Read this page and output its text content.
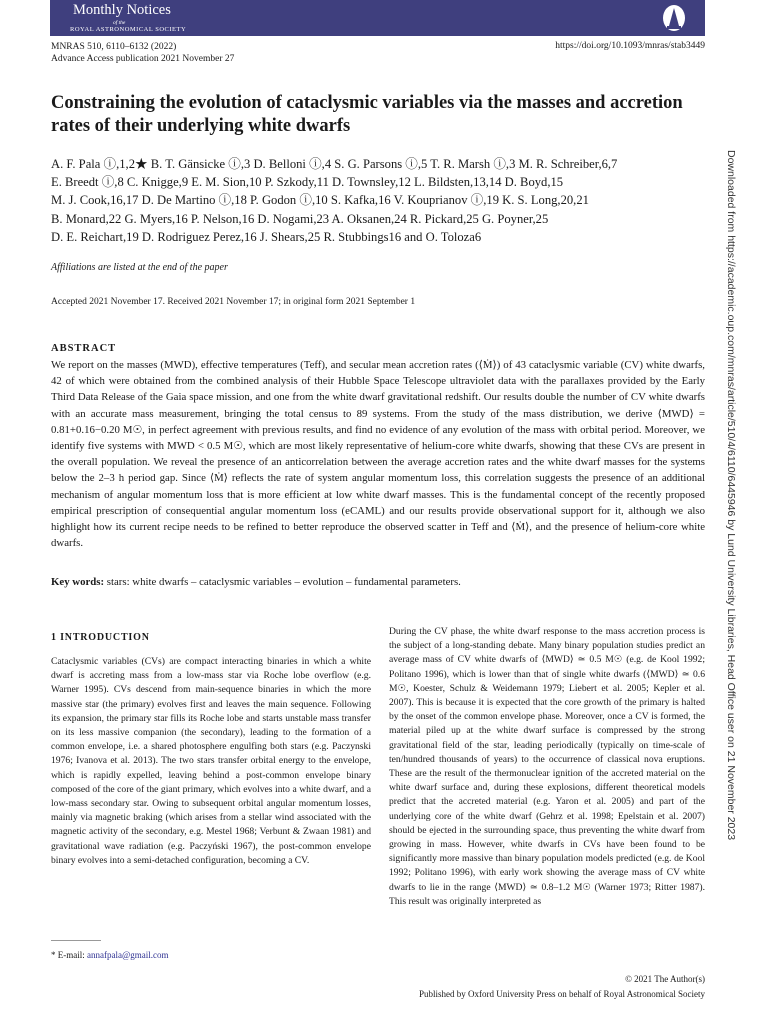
Monthly Notices
of the
ROYAL ASTRONOMICAL SOCIETY
MNRAS 510, 6110–6132 (2022)
Advance Access publication 2021 November 27
https://doi.org/10.1093/mnras/stab3449
Constraining the evolution of cataclysmic variables via the masses and accretion rates of their underlying white dwarfs
A. F. Pala ⓘ,1,2★ B. T. Gänsicke ⓘ,3 D. Belloni ⓘ,4 S. G. Parsons ⓘ,5 T. R. Marsh ⓘ,3 M. R. Schreiber,6,7
E. Breedt ⓘ,8 C. Knigge,9 E. M. Sion,10 P. Szkody,11 D. Townsley,12 L. Bildsten,13,14 D. Boyd,15
M. J. Cook,16,17 D. De Martino ⓘ,18 P. Godon ⓘ,10 S. Kafka,16 V. Kouprianov ⓘ,19 K. S. Long,20,21
B. Monard,22 G. Myers,16 P. Nelson,16 D. Nogami,23 A. Oksanen,24 R. Pickard,25 G. Poyner,25
D. E. Reichart,19 D. Rodriguez Perez,16 J. Shears,25 R. Stubbings16 and O. Toloza6
Affiliations are listed at the end of the paper
Accepted 2021 November 17. Received 2021 November 17; in original form 2021 September 1
ABSTRACT
We report on the masses (MWD), effective temperatures (Teff), and secular mean accretion rates (⟨Ṁ⟩) of 43 cataclysmic variable (CV) white dwarfs, 42 of which were obtained from the combined analysis of their Hubble Space Telescope ultraviolet data with the parallaxes provided by the Early Third Data Release of the Gaia space mission, and one from the white dwarf gravitational redshift. Our results double the number of CV white dwarfs with an accurate mass measurement, bringing the total census to 89 systems. From the study of the mass distribution, we derive ⟨MWD⟩ = 0.81+0.16−0.20 M☉, in perfect agreement with previous results, and find no evidence of any evolution of the mass with orbital period. Moreover, we identify five systems with MWD < 0.5 M☉, which are most likely representative of helium-core white dwarfs, showing that these CVs are present in the overall population. We reveal the presence of an anticorrelation between the average accretion rates and the white dwarf masses for the systems below the 2–3 h period gap. Since ⟨Ṁ⟩ reflects the rate of system angular momentum loss, this correlation suggests the presence of an additional mechanism of angular momentum loss that is more efficient at low white dwarf masses. This is the fundamental concept of the recently proposed empirical prescription of consequential angular momentum loss (eCAML) and our results provide observational support for it, although we also highlight how its current recipe needs to be refined to better reproduce the observed scatter in Teff and ⟨Ṁ⟩, and the presence of helium-core white dwarfs.
Key words: stars: white dwarfs – cataclysmic variables – evolution – fundamental parameters.
1 INTRODUCTION
Cataclysmic variables (CVs) are compact interacting binaries in which a white dwarf is accreting mass from a low-mass star via Roche lobe overflow (e.g. Warner 1995). CVs descend from main-sequence binaries in which the more massive star (the primary) evolves first and leaves the main sequence. Following its expansion, the primary star fills its Roche lobe and starts unstable mass transfer on its less massive companion (the secondary), leading to the formation of a common envelope, i.e. a shared photosphere engulfing both stars (e.g. Paczynski 1976; Ivanova et al. 2013). The two stars transfer orbital energy to the envelope, which is rapidly expelled, leaving behind a post-common envelope binary composed of the core of the giant primary, which evolves into a white dwarf, and a low-mass secondary star. Owing to subsequent orbital angular momentum losses, mainly via magnetic braking (which arises from a stellar wind associated with the magnetic activity of the secondary, e.g. Mestel 1968; Verbunt & Zwaan 1981) and gravitational wave radiation (e.g. Paczyński 1967), the post-common envelope binary evolves into a semi-detached configuration, becoming a CV.
During the CV phase, the white dwarf response to the mass accretion process is the subject of a long-standing debate. Many binary population studies predict an average mass of CV white dwarfs of ⟨MWD⟩ ≃ 0.5 M☉ (e.g. de Kool 1992; Politano 1996), which is lower than that of single white dwarfs (⟨MWD⟩ ≃ 0.6 M☉, Koester, Schulz & Weidemann 1979; Liebert et al. 2005; Kepler et al. 2007). This is because it is expected that the core growth of the primary is halted by the onset of the common envelope phase. Moreover, once a CV is formed, the material piled up at the white dwarf surface is compressed by the strong gravitational field of the star, leading periodically (typically on time-scale of ten/hundred thousands of years) to the occurrence of classical nova eruptions. These are the result of the thermonuclear ignition of the accreted material on the white dwarf surface and, during these explosions, different theoretical models predict that the accreted material (e.g. Yaron et al. 2005) and part of the underlying core of the white dwarf (Gehrz et al. 1998; Epelstain et al. 2007) should be ejected in the surrounding space, thus preventing the white dwarf from growing in mass. However, white dwarfs in CVs have been found to be significantly more massive than binary population models predicted (e.g. de Kool 1992; Politano 1996), with early work showing the average mass of CV white dwarfs to lie in the range ⟨MWD⟩ ≃ 0.8–1.2 M☉ (Warner 1973; Ritter 1987). This result was originally interpreted as
* E-mail: annafpala@gmail.com
© 2021 The Author(s)
Published by Oxford University Press on behalf of Royal Astronomical Society
Downloaded from https://academic.oup.com/mnras/article/510/4/6110/6445946 by Lund University Libraries, Head Office user on 21 November 2023
